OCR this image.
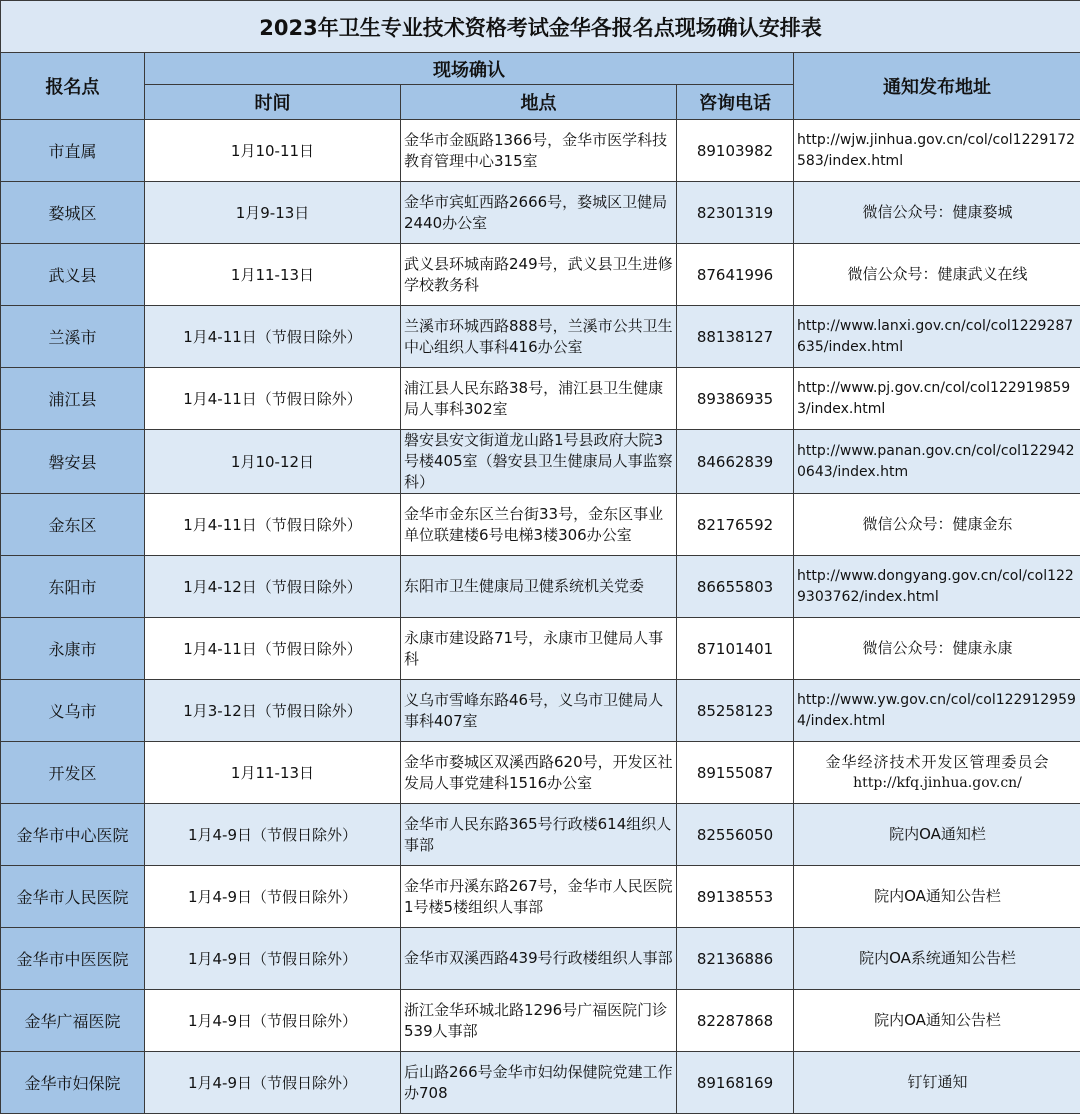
2023年卫生专业技术资格考试金华各报名点现场确认安排表				
报名点	现场确认			通知发布地址
	时间	地点	咨询电话	
市直属	1月10-11日	金华市金瓯路1366号，金华市医学科技教育管理中心315室	89103982	http://wjw.jinhua.gov.cn/col/col1229172583/index.html
婺城区	1月9-13日	金华市宾虹西路2666号，婺城区卫健局2440办公室	82301319	微信公众号：健康婺城
武义县	1月11-13日	武义县环城南路249号，武义县卫生进修学校教务科	87641996	微信公众号：健康武义在线
兰溪市	1月4-11日（节假日除外）	兰溪市环城西路888号，兰溪市公共卫生中心组织人事科416办公室	88138127	http://www.lanxi.gov.cn/col/col1229287635/index.html
浦江县	1月4-11日（节假日除外）	浦江县人民东路38号，浦江县卫生健康局人事科302室	89386935	http://www.pj.gov.cn/col/col1229198593/index.html
磐安县	1月10-12日	磐安县安文街道龙山路1号县政府大院3号楼405室（磐安县卫生健康局人事监察科）	84662839	http://www.panan.gov.cn/col/col1229420643/index.htm
金东区	1月4-11日（节假日除外）	金华市金东区兰台街33号，金东区事业单位联建楼6号电梯3楼306办公室	82176592	微信公众号：健康金东
东阳市	1月4-12日（节假日除外）	东阳市卫生健康局卫健系统机关党委	86655803	http://www.dongyang.gov.cn/col/col1229303762/index.html
永康市	1月4-11日（节假日除外）	永康市建设路71号，永康市卫健局人事科	87101401	微信公众号：健康永康
义乌市	1月3-12日（节假日除外）	义乌市雪峰东路46号，义乌市卫健局人事科407室	85258123	http://www.yw.gov.cn/col/col1229129594/index.html
开发区	1月11-13日	金华市婺城区双溪西路620号，开发区社发局人事党建科1516办公室	89155087	金华经济技术开发区管理委员会
http://kfq.jinhua.gov.cn/

金华市中心医院	1月4-9日（节假日除外）	金华市人民东路365号行政楼614组织人事部	82556050	院内OA通知栏
金华市人民医院	1月4-9日（节假日除外）	金华市丹溪东路267号，金华市人民医院1号楼5楼组织人事部	89138553	院内OA通知公告栏
金华市中医医院	1月4-9日（节假日除外）	金华市双溪西路439号行政楼组织人事部	82136886	院内OA系统通知公告栏
金华广福医院	1月4-9日（节假日除外）	浙江金华环城北路1296号广福医院门诊539人事部	82287868	院内OA通知公告栏
金华市妇保院	1月4-9日（节假日除外）	后山路266号金华市妇幼保健院党建工作办708	89168169	钉钉通知
